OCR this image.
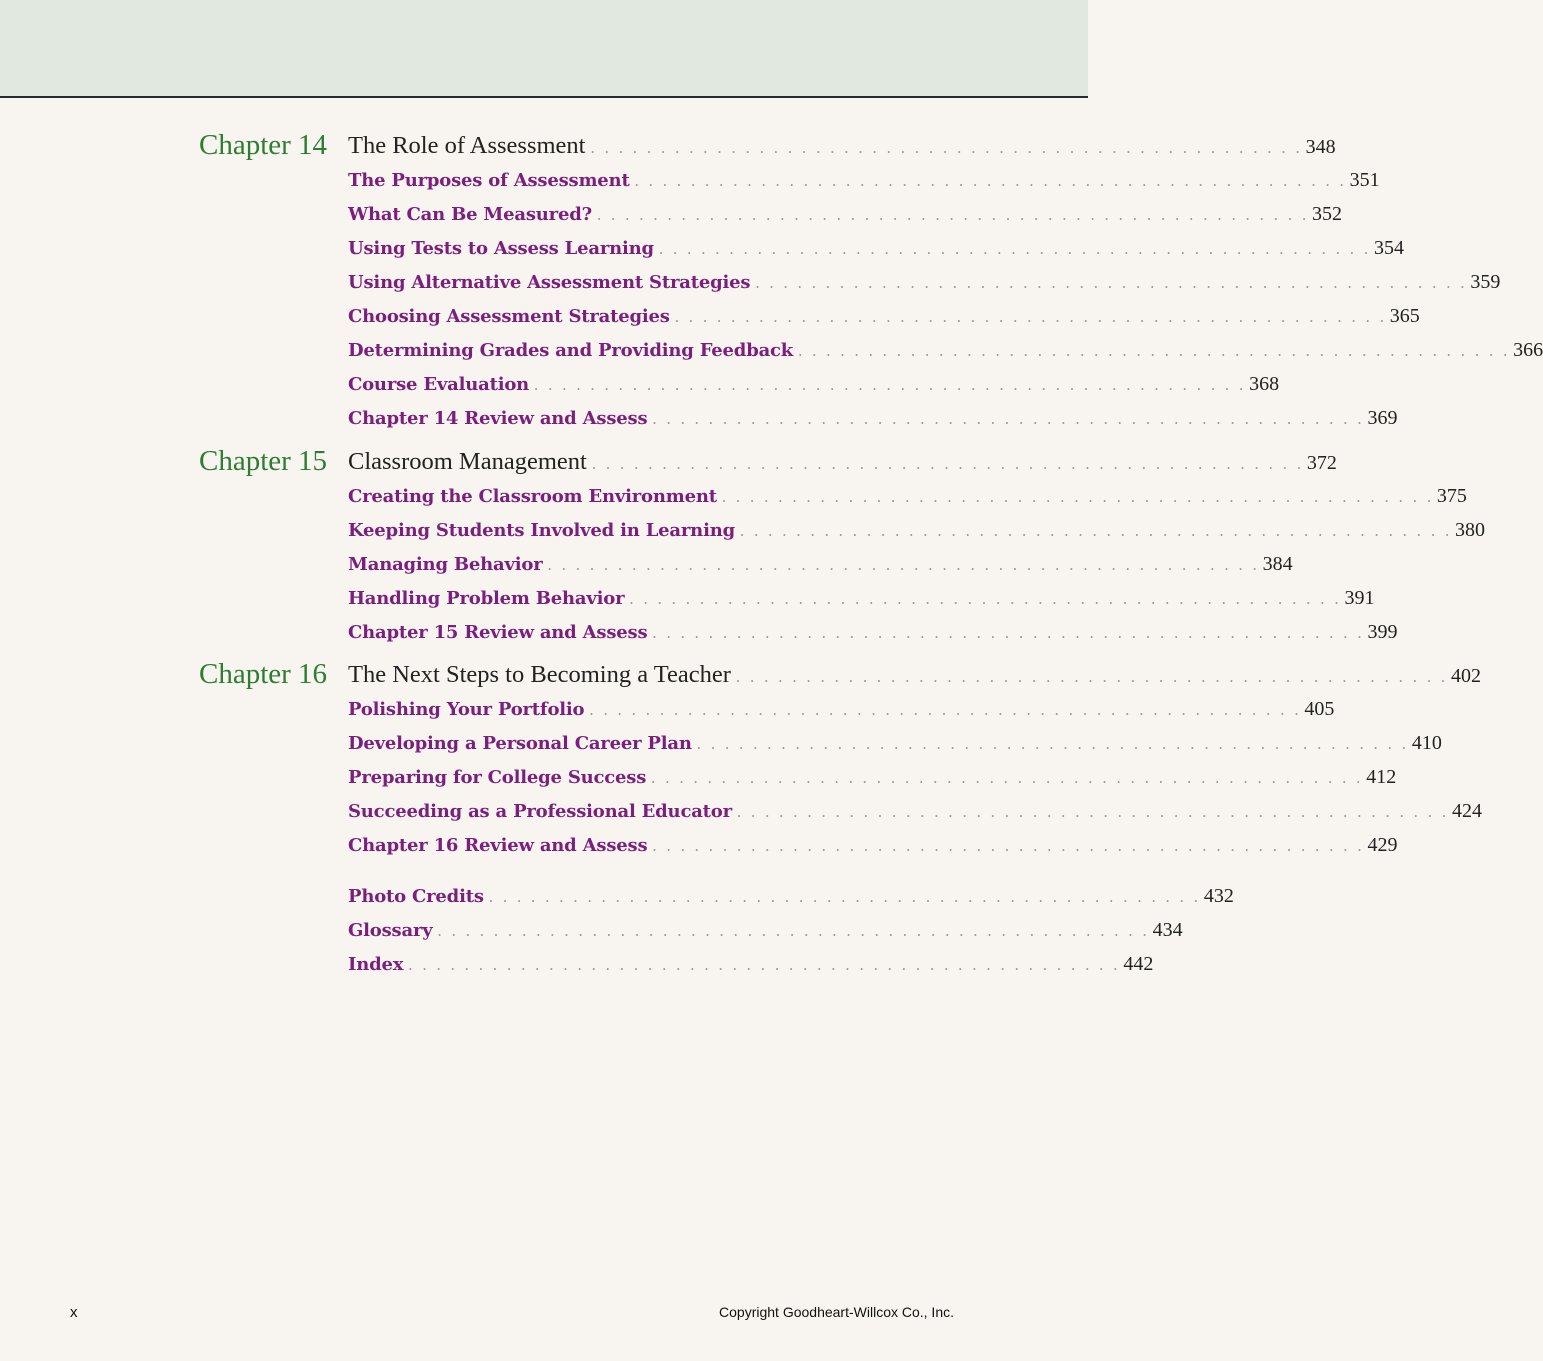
Chapter 14 The Role of Assessment . . . . . . . . . . . . . . . . . . . . . . . . . . . . . . . . . . . . . . . . . . . . . . . . . . . 348
The Purposes of Assessment . . . . . . . . . . . . . . . . . . . . . . . . . . . . . . . . . . . . . . . . . . . . . . . . . . . 351
What Can Be Measured? . . . . . . . . . . . . . . . . . . . . . . . . . . . . . . . . . . . . . . . . . . . . . . . . . . . 352
Using Tests to Assess Learning . . . . . . . . . . . . . . . . . . . . . . . . . . . . . . . . . . . . . . . . . . . . . . . . . . . 354
Using Alternative Assessment Strategies . . . . . . . . . . . . . . . . . . . . . . . . . . . . . . . . . . . . . . . . . . . . . . . . . . . 359
Choosing Assessment Strategies . . . . . . . . . . . . . . . . . . . . . . . . . . . . . . . . . . . . . . . . . . . . . . . . . . . 365
Determining Grades and Providing Feedback . . . . . . . . . . . . . . . . . . . . . . . . . . . . . . . . . . . . . . . . . . . . . . . . . . . 366
Course Evaluation . . . . . . . . . . . . . . . . . . . . . . . . . . . . . . . . . . . . . . . . . . . . . . . . . . . 368
Chapter 14 Review and Assess . . . . . . . . . . . . . . . . . . . . . . . . . . . . . . . . . . . . . . . . . . . . . . . . . . . 369
Chapter 15 Classroom Management . . . . . . . . . . . . . . . . . . . . . . . . . . . . . . . . . . . . . . . . . . . . . . . . . . . 372
Creating the Classroom Environment . . . . . . . . . . . . . . . . . . . . . . . . . . . . . . . . . . . . . . . . . . . . . . . . . . . 375
Keeping Students Involved in Learning . . . . . . . . . . . . . . . . . . . . . . . . . . . . . . . . . . . . . . . . . . . . . . . . . . . 380
Managing Behavior . . . . . . . . . . . . . . . . . . . . . . . . . . . . . . . . . . . . . . . . . . . . . . . . . . . 384
Handling Problem Behavior . . . . . . . . . . . . . . . . . . . . . . . . . . . . . . . . . . . . . . . . . . . . . . . . . . . 391
Chapter 15 Review and Assess . . . . . . . . . . . . . . . . . . . . . . . . . . . . . . . . . . . . . . . . . . . . . . . . . . . 399
Chapter 16 The Next Steps to Becoming a Teacher . . . . . . . . . . . . . . . . . . . . . . . . . . . . . . . . . . . . . . . . . . . . . . . . . . . 402
Polishing Your Portfolio . . . . . . . . . . . . . . . . . . . . . . . . . . . . . . . . . . . . . . . . . . . . . . . . . . . 405
Developing a Personal Career Plan . . . . . . . . . . . . . . . . . . . . . . . . . . . . . . . . . . . . . . . . . . . . . . . . . . . 410
Preparing for College Success . . . . . . . . . . . . . . . . . . . . . . . . . . . . . . . . . . . . . . . . . . . . . . . . . . . 412
Succeeding as a Professional Educator . . . . . . . . . . . . . . . . . . . . . . . . . . . . . . . . . . . . . . . . . . . . . . . . . . . 424
Chapter 16 Review and Assess . . . . . . . . . . . . . . . . . . . . . . . . . . . . . . . . . . . . . . . . . . . . . . . . . . . 429
Photo Credits . . . . . . . . . . . . . . . . . . . . . . . . . . . . . . . . . . . . . . . . . . . . . . . . . . . 432
Glossary . . . . . . . . . . . . . . . . . . . . . . . . . . . . . . . . . . . . . . . . . . . . . . . . . . . 434
Index . . . . . . . . . . . . . . . . . . . . . . . . . . . . . . . . . . . . . . . . . . . . . . . . . . . 442
x	Copyright Goodheart-Willcox Co., Inc.
